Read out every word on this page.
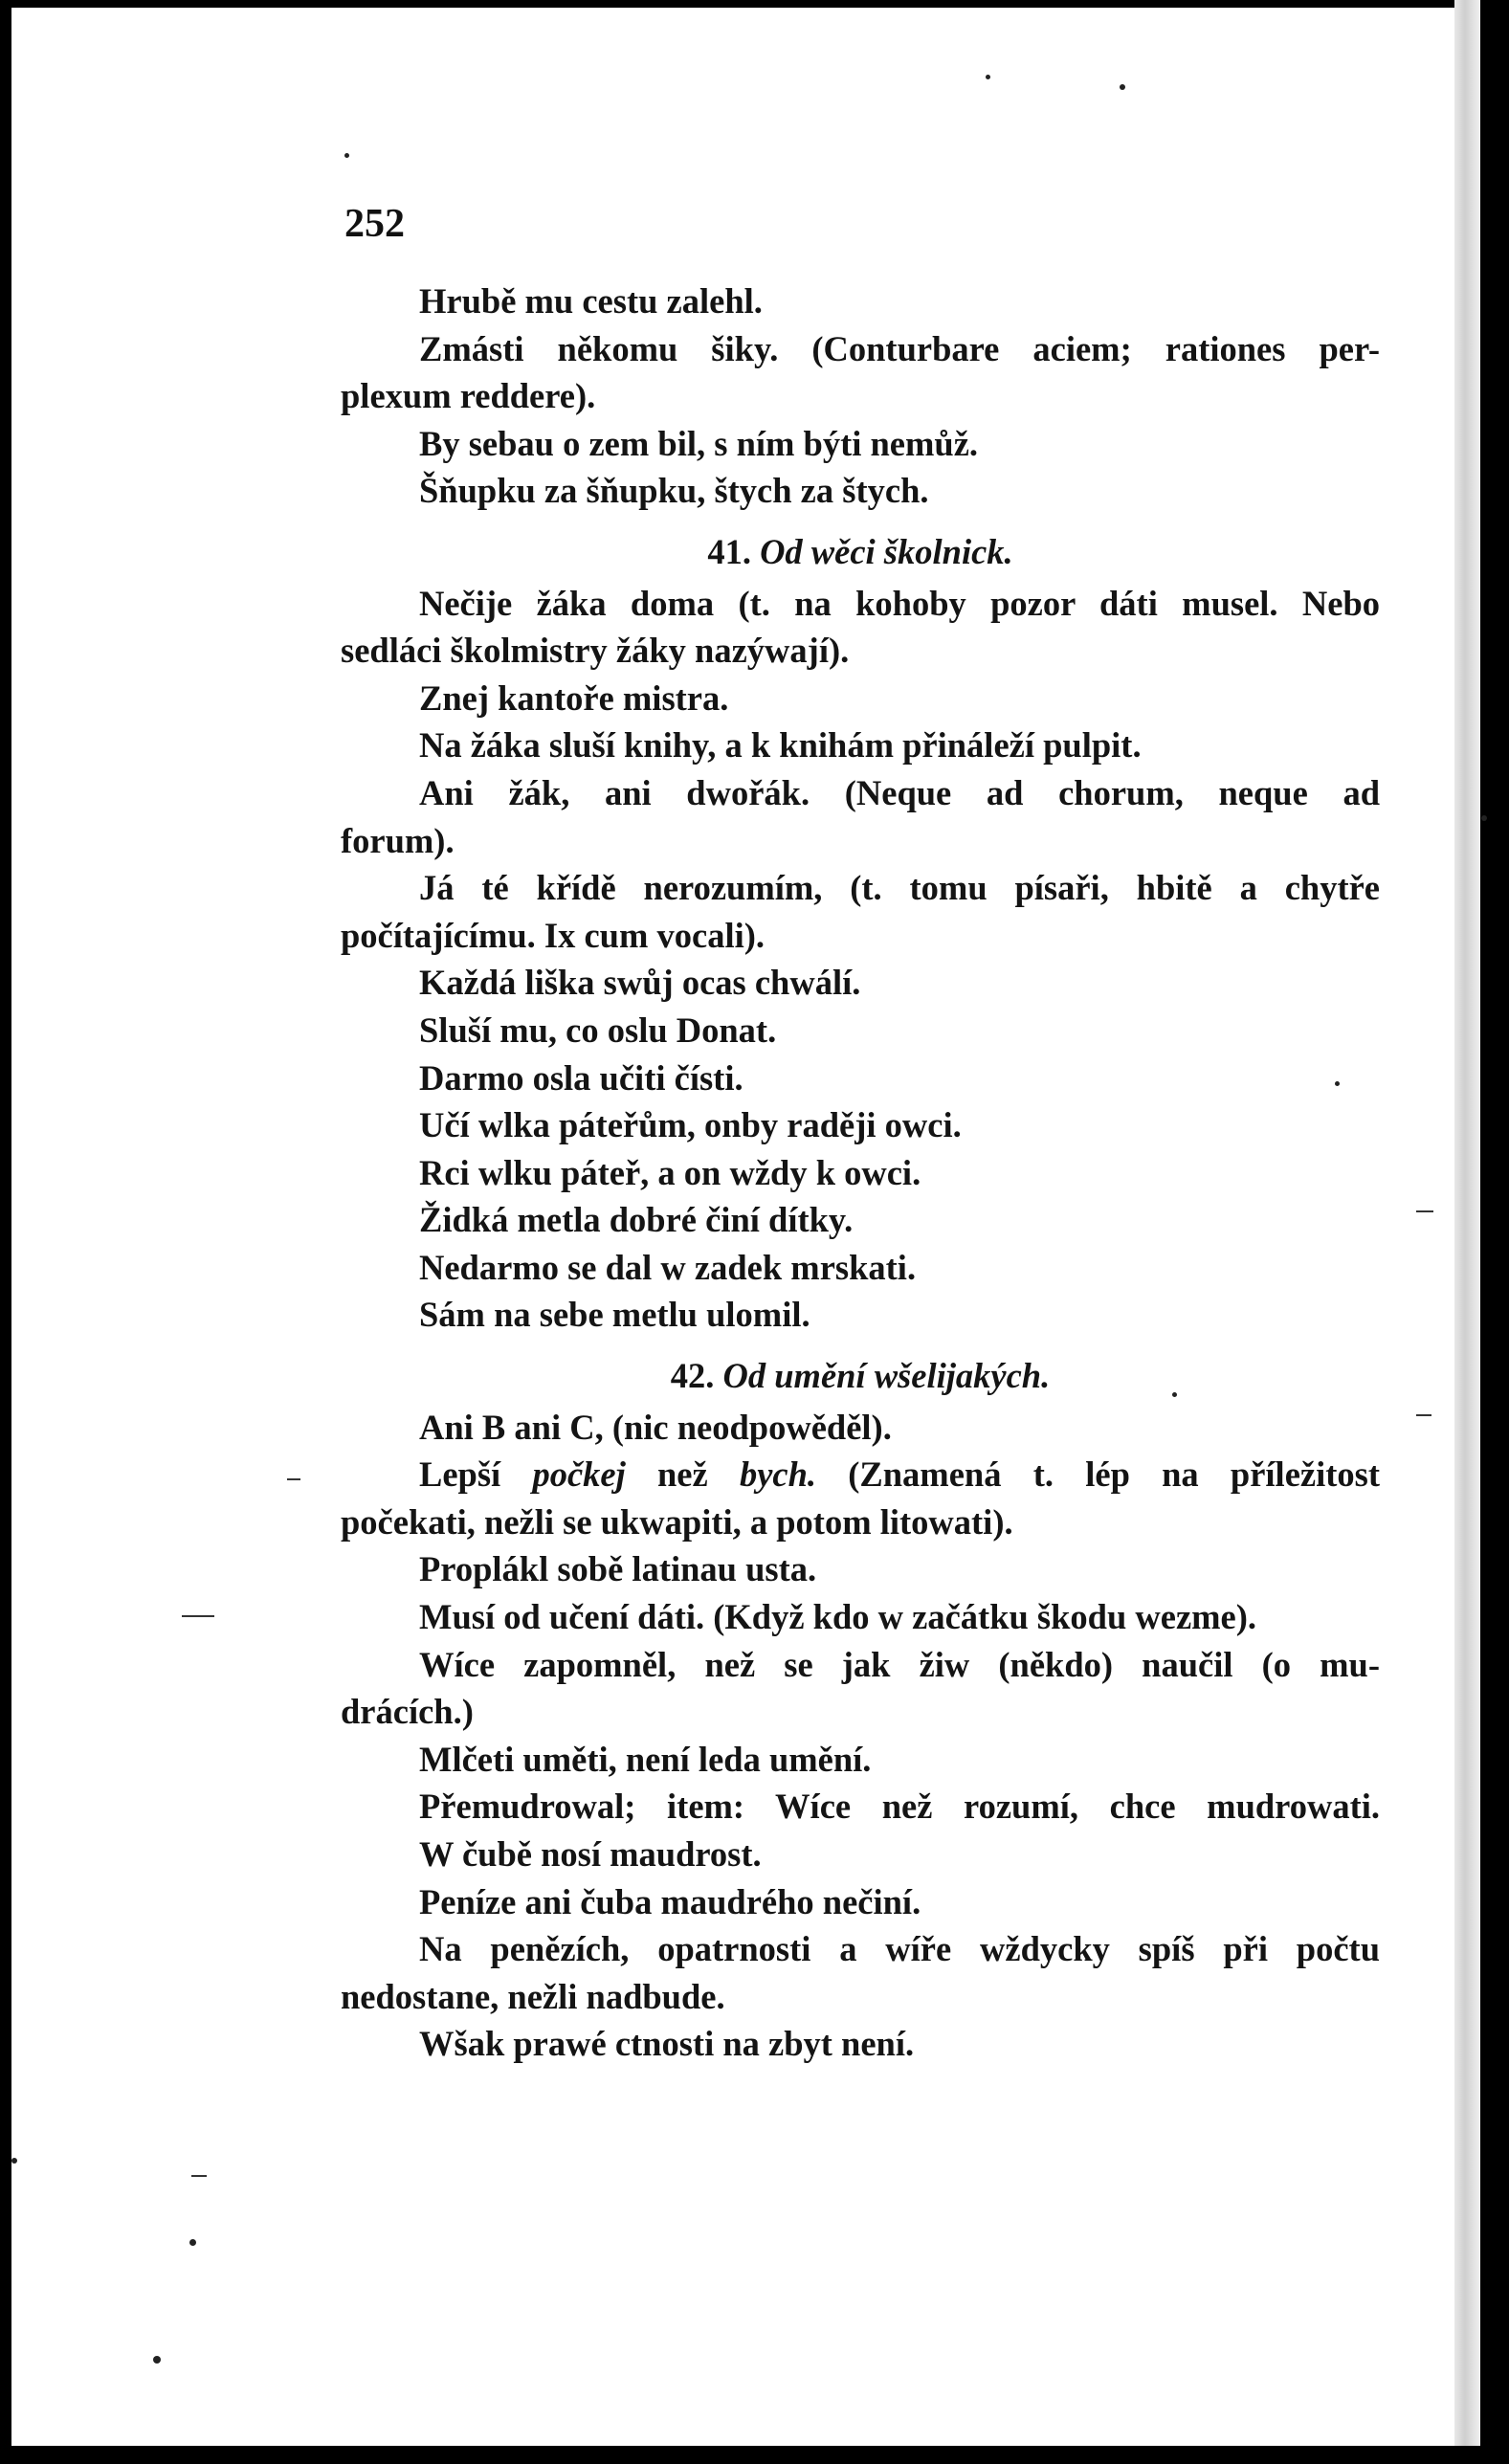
252
Hrubě mu cestu zalehl.
Zmásti někomu šiky. (Conturbare aciem; rationes per-
plexum reddere).
By sebau o zem bil, s ním býti nemůž.
Šňupku za šňupku, štych za štych.
41. Od wěci školnick.
Nečije žáka doma (t. na kohoby pozor dáti musel. Nebo
sedláci školmistry žáky nazýwají).
Znej kantoře mistra.
Na žáka sluší knihy, a k knihám přináleží pulpit.
Ani žák, ani dwořák. (Neque ad chorum, neque ad
forum).
Já té křídě nerozumím, (t. tomu písaři, hbitě a chytře
počítajícímu. Ix cum vocali).
Každá liška swůj ocas chwálí.
Sluší mu, co oslu Donat.
Darmo osla učiti čísti.
Učí wlka páteřům, onby raději owci.
Rci wlku páteř, a on wždy k owci.
Židká metla dobré činí dítky.
Nedarmo se dal w zadek mrskati.
Sám na sebe metlu ulomil.
42. Od umění wšelijakých.
Ani B ani C, (nic neodpowěděl).
Lepší počkej než bych. (Znamená t. lép na příležitost
počekati, nežli se ukwapiti, a potom litowati).
Proplákl sobě latinau usta.
Musí od učení dáti. (Když kdo w začátku škodu wezme).
Wíce zapomněl, než se jak žiw (někdo) naučil (o mu-
drácích.)
Mlčeti uměti, není leda umění.
Přemudrowal; item: Wíce než rozumí, chce mudrowati.
W čubě nosí maudrost.
Peníze ani čuba maudrého nečiní.
Na penězích, opatrnosti a wíře wždycky spíš při počtu
nedostane, nežli nadbude.
Wšak prawé ctnosti na zbyt není.
